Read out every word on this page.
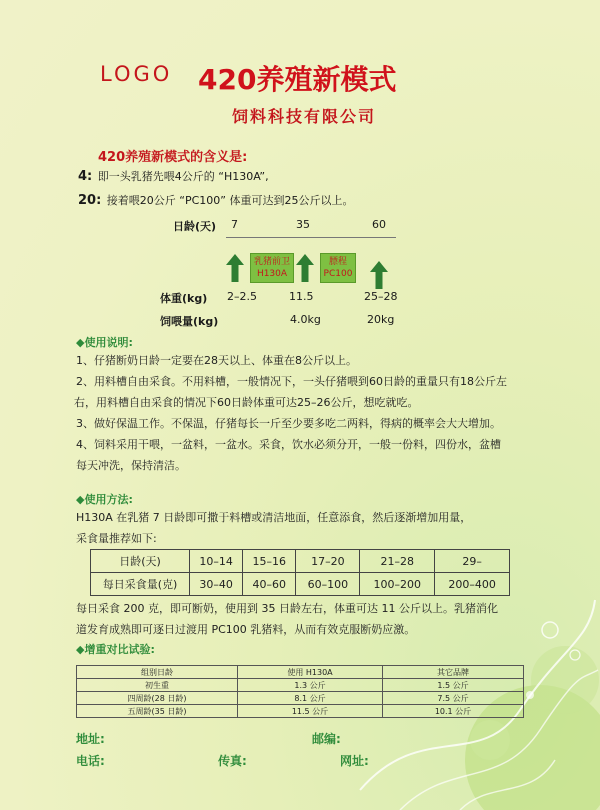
LOGO 420养殖新模式
饲料科技有限公司
420养殖新模式的含义是:
4: 即一头乳猪先喂4公斤的 “H130A”,
20: 接着喂20公斤 “PC100” 体重可达到25公斤以上。
日龄(天) 7	35	60
乳猪前卫
H130A
膘程
PC100
体重(kg) 2–2.5	11.5	25–28
饲喂量(kg)	4.0kg	20kg
◆使用说明:
1、仔猪断奶日龄一定要在28天以上、体重在8公斤以上。
2、用料槽自由采食。不用料槽，一般情况下，一头仔猪喂到60日龄的重量只有18公斤左
右，用料槽自由采食的情况下60日龄体重可达25–26公斤，想吃就吃。
3、做好保温工作。不保温，仔猪每长一斤至少要多吃二两料，得病的概率会大大增加。
4、饲料采用干喂，一盆料，一盆水。采食，饮水必须分开，一般一份料，四份水，盆槽
每天冲洗，保持清洁。
◆使用方法:
H130A 在乳猪 7 日龄即可撒于料槽或清洁地面，任意添食，然后逐渐增加用量，
采食量推荐如下:
日龄(天)	10–14	15–16	17–20	21–28	29–
每日采食量(克)	30–40	40–60	60–100	100–200	200–400
每日采食 200 克，即可断奶，使用到 35 日龄左右，体重可达 11 公斤以上。乳猪消化
道发育成熟即可逐日过渡用 PC100 乳猪料，从而有效克服断奶应激。
◆增重对比试验:
组别日龄	使用 H130A	其它品牌
初生重	1.3 公斤	1.5 公斤
四周龄(28 日龄)	8.1 公斤	7.5 公斤
五周龄(35 日龄)	11.5 公斤	10.1 公斤
地址:	邮编:
电话:	传真:	网址:
